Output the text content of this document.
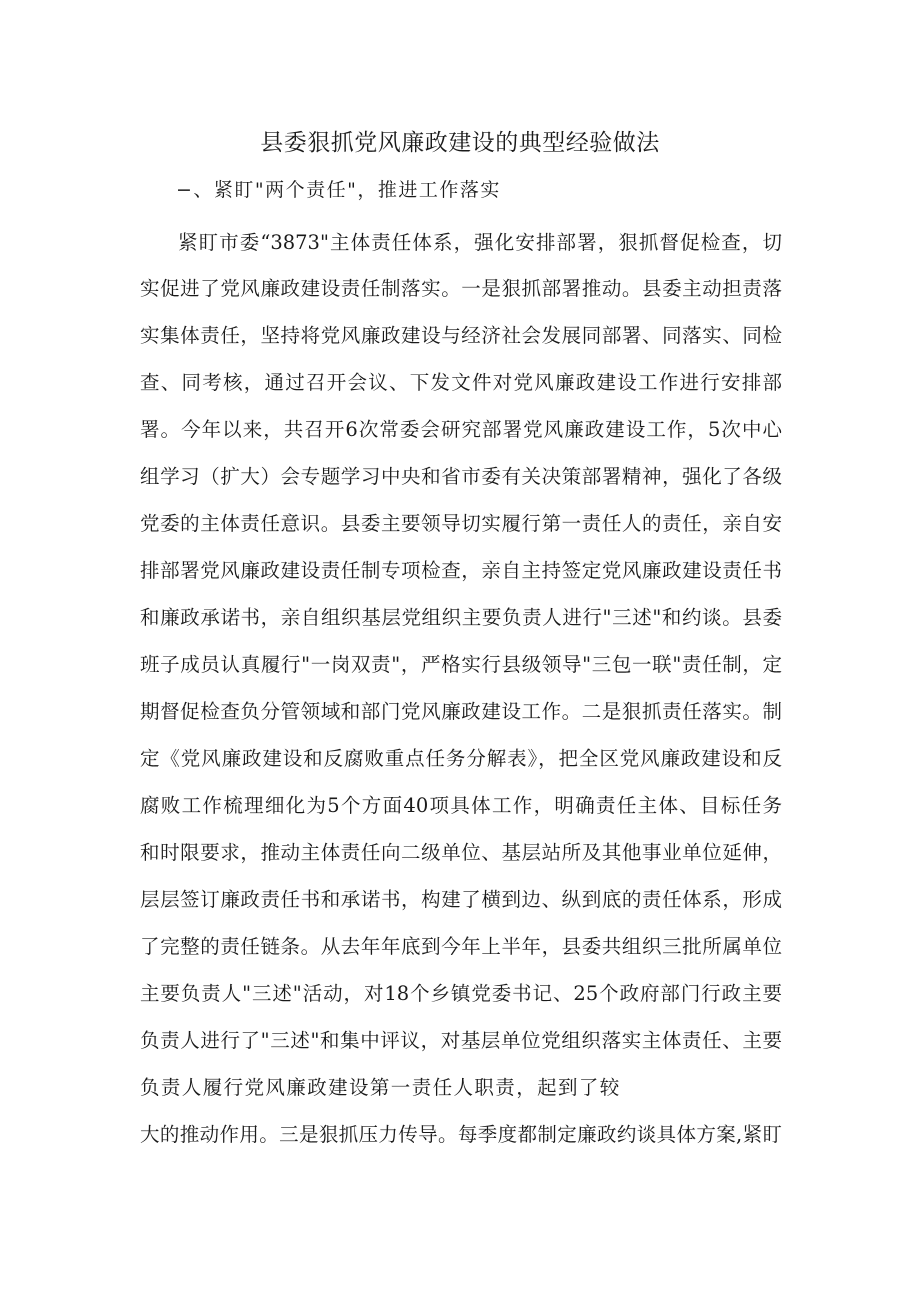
县委狠抓党风廉政建设的典型经验做法
−、紧盯"两个责任"，推进工作落实
紧盯市委“3873"主体责任体系，强化安排部署，狠抓督促检查，切
实促进了党风廉政建设责任制落实。一是狠抓部署推动。县委主动担责落
实集体责任，坚持将党风廉政建设与经济社会发展同部署、同落实、同检
查、同考核，通过召开会议、下发文件对党风廉政建设工作进行安排部
署。今年以来，共召开6次常委会研究部署党风廉政建设工作，5次中心
组学习（扩大）会专题学习中央和省市委有关决策部署精神，强化了各级
党委的主体责任意识。县委主要领导切实履行第一责任人的责任，亲自安
排部署党风廉政建设责任制专项检查，亲自主持签定党风廉政建设责任书
和廉政承诺书，亲自组织基层党组织主要负责人进行"三述"和约谈。县委
班子成员认真履行"一岗双责"，严格实行县级领导"三包一联"责任制，定
期督促检查负分管领域和部门党风廉政建设工作。二是狠抓责任落实。制
定《党风廉政建设和反腐败重点任务分解表》，把全区党风廉政建设和反
腐败工作梳理细化为5个方面40项具体工作，明确责任主体、目标任务
和时限要求，推动主体责任向二级单位、基层站所及其他事业单位延伸，
层层签订廉政责任书和承诺书，构建了横到边、纵到底的责任体系，形成
了完整的责任链条。从去年年底到今年上半年，县委共组织三批所属单位
主要负责人"三述"活动，对18个乡镇党委书记、25个政府部门行政主要
负责人进行了"三述"和集中评议，对基层单位党组织落实主体责任、主要
负责人履行党风廉政建设第一责任人职责，起到了较
大的推动作用。三是狠抓压力传导。每季度都制定廉政约谈具体方案,紧盯
